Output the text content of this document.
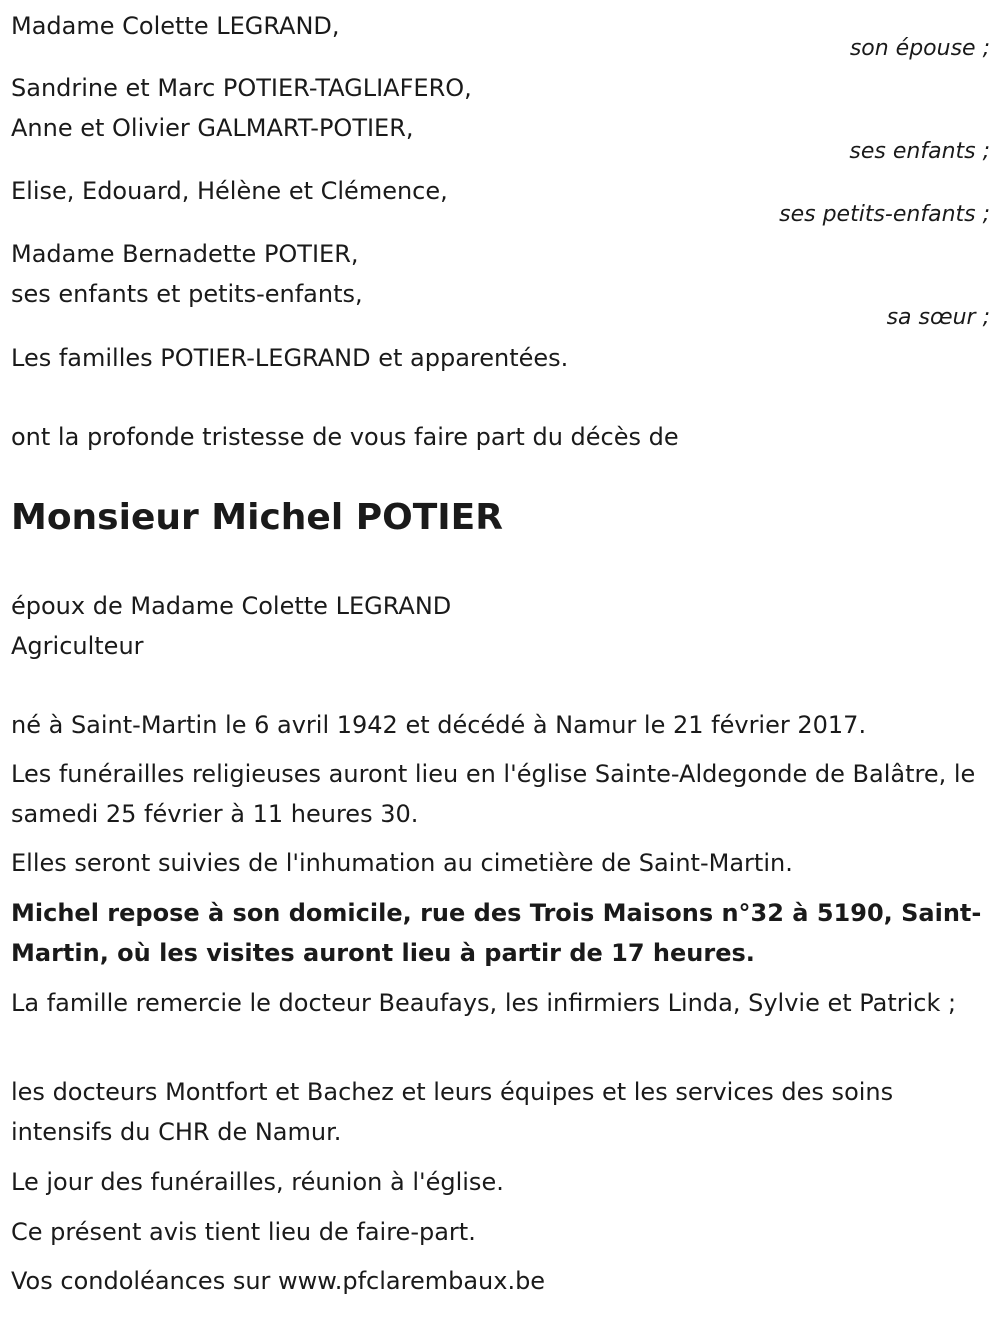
Madame Colette LEGRAND,
son épouse ;
Sandrine et Marc POTIER-TAGLIAFERO,
Anne et Olivier GALMART-POTIER,
ses enfants ;
Elise, Edouard, Hélène et Clémence,
ses petits-enfants ;
Madame Bernadette POTIER,
ses enfants et petits-enfants,
sa sœur ;
Les familles POTIER-LEGRAND et apparentées.
ont la profonde tristesse de vous faire part du décès de
Monsieur Michel POTIER
époux de Madame Colette LEGRAND
Agriculteur

né à Saint-Martin le 6 avril 1942 et décédé à Namur le 21 février 2017.

Les funérailles religieuses auront lieu en l'église Sainte-Aldegonde de Balâtre, le samedi 25 février à 11 heures 30.

Elles seront suivies de l'inhumation au cimetière de Saint-Martin.

Michel repose à son domicile, rue des Trois Maisons n°32 à 5190, Saint-Martin, où les visites auront lieu à partir de 17 heures.

La famille remercie le docteur Beaufays, les infirmiers Linda, Sylvie et Patrick ;

les docteurs Montfort et Bachez et leurs équipes et les services des soins intensifs du CHR de Namur.

Le jour des funérailles, réunion à l'église.

Ce présent avis tient lieu de faire-part.

Vos condoléances sur www.pfclarembaux.be
